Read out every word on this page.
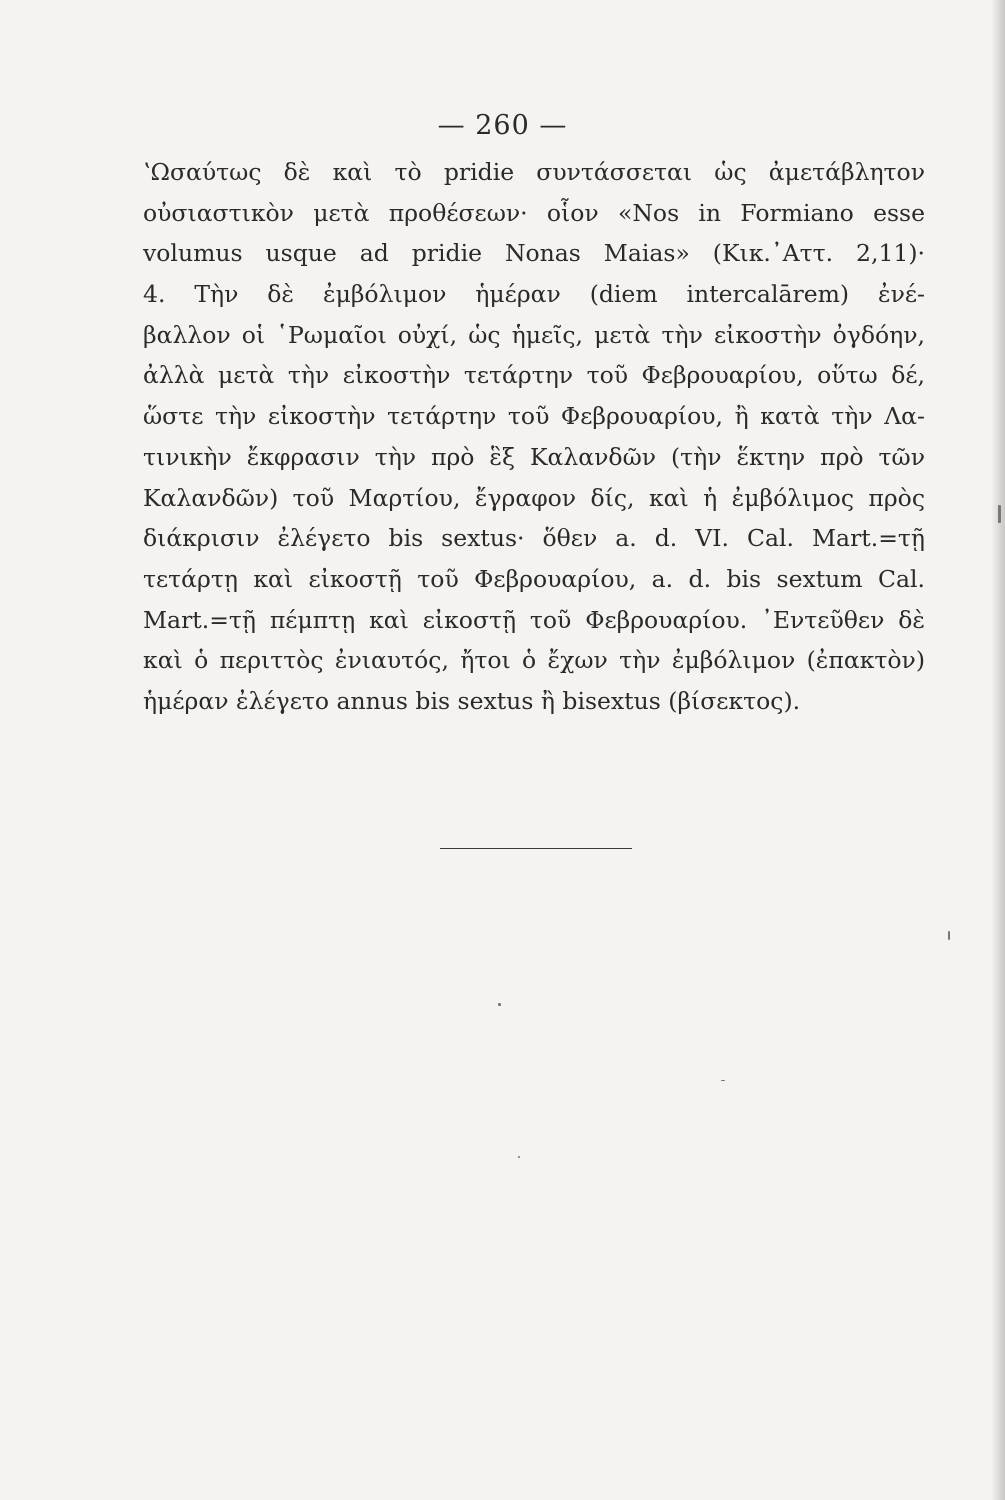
— 260 —
ʽΩσαύτως δὲ καὶ τὸ pridie συντάσσεται ὡς ἀμετάβλητον
οὐσιαστικὸν μετὰ προθέσεων· οἷον «Nos in Formiano esse
volumus usque ad pridie Nonas Maias» (Κικ.᾽Αττ. 2,11)·
4. Τὴν δὲ ἐμβόλιμον ἡμέραν (diem intercalārem) ἐνέ-
βαλλον οἱ ῾Ρωμαῖοι οὐχί, ὡς ἡμεῖς, μετὰ τὴν εἰκοστὴν ὀγδόην,
ἀλλὰ μετὰ τὴν εἰκοστὴν τετάρτην τοῦ Φεβρουαρίου, οὕτω δέ,
ὥστε τὴν εἰκοστὴν τετάρτην τοῦ Φεβρουαρίου, ἢ κατὰ τὴν Λα-
τινικὴν ἔκφρασιν τὴν πρὸ ἓξ Καλανδῶν (τὴν ἕκτην πρὸ τῶν
Καλανδῶν) τοῦ Μαρτίου, ἔγραφον δίς, καὶ ἡ ἐμβόλιμος πρὸς
διάκρισιν ἐλέγετο bis sextus· ὅθεν a. d. VI. Cal. Mart.=τῇ
τετάρτῃ καὶ εἰκοστῇ τοῦ Φεβρουαρίου, a. d. bis sextum Cal.
Mart.=τῇ πέμπτῃ καὶ εἰκοστῇ τοῦ Φεβρουαρίου. ᾽Εντεῦθεν δὲ
καὶ ὁ περιττὸς ἐνιαυτός, ἤτοι ὁ ἔχων τὴν ἐμβόλιμον (ἐπακτὸν)
ἡμέραν ἐλέγετο annus bis sextus ἢ bisextus (βίσεκτος).
